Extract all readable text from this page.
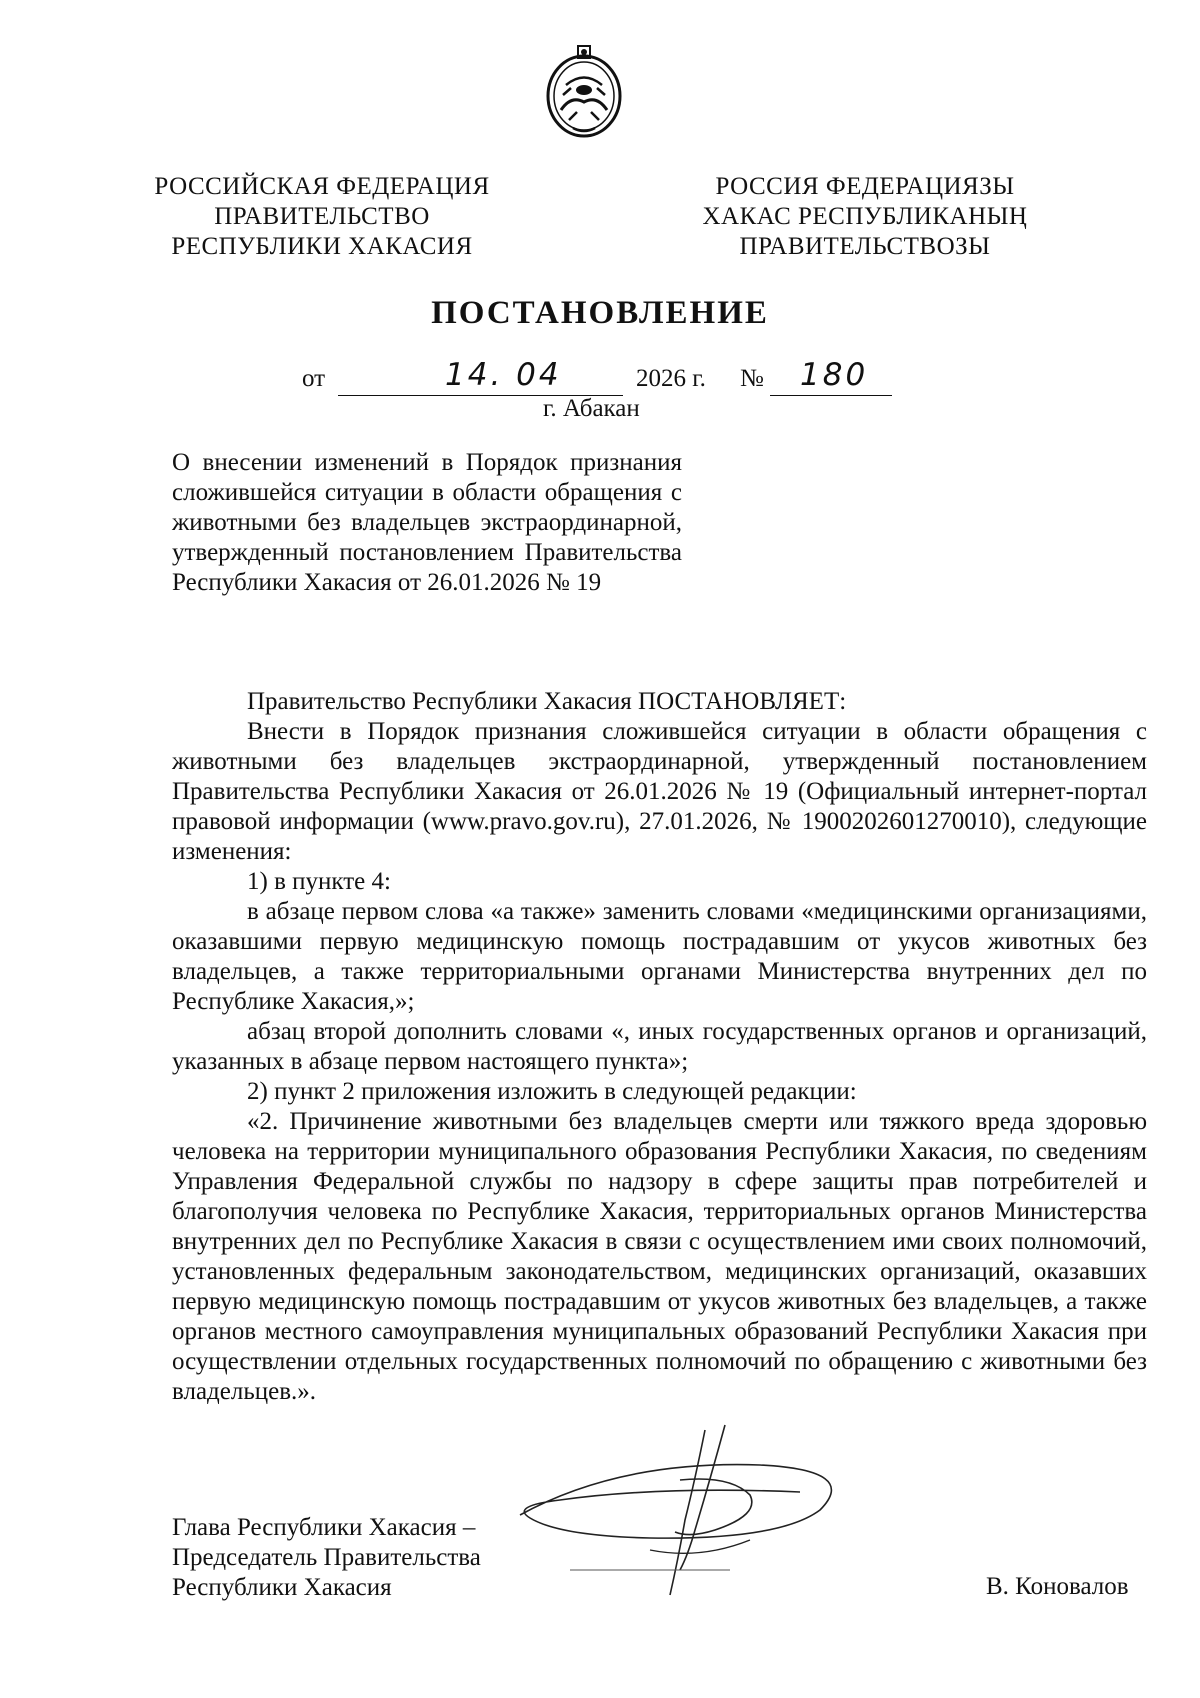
РОССИЙСКАЯ ФЕДЕРАЦИЯ
ПРАВИТЕЛЬСТВО
РЕСПУБЛИКИ ХАКАСИЯ
РОССИЯ ФЕДЕРАЦИЯЗЫ
ХАКАС РЕСПУБЛИКАНЫҢ
ПРАВИТЕЛЬСТВОЗЫ
ПОСТАНОВЛЕНИЕ
от	14. 04	2026 г. № 180
г. Абакан
О внесении изменений в Порядок признания сложившейся ситуации в области обращения с животными без владельцев экстраординарной, утвержденный постановлением Правительства Республики Хакасия от 26.01.2026 № 19

Правительство Республики Хакасия ПОСТАНОВЛЯЕТ:

Внести в Порядок признания сложившейся ситуации в области обращения с животными без владельцев экстраординарной, утвержденный постановлением Правительства Республики Хакасия от 26.01.2026 № 19 (Официальный интернет-портал правовой информации (www.pravo.gov.ru), 27.01.2026, № 1900202601270010), следующие изменения:

1) в пункте 4:

в абзаце первом слова «а также» заменить словами «медицинскими организациями, оказавшими первую медицинскую помощь пострадавшим от укусов животных без владельцев, а также территориальными органами Министерства внутренних дел по Республике Хакасия,»;

абзац второй дополнить словами «, иных государственных органов и организаций, указанных в абзаце первом настоящего пункта»;

2) пункт 2 приложения изложить в следующей редакции:

«2. Причинение животными без владельцев смерти или тяжкого вреда здоровью человека на территории муниципального образования Республики Хакасия, по сведениям Управления Федеральной службы по надзору в сфере защиты прав потребителей и благополучия человека по Республике Хакасия, территориальных органов Министерства внутренних дел по Республике Хакасия в связи с осуществлением ими своих полномочий, установленных федеральным законодательством, медицинских организаций, оказавших первую медицинскую помощь пострадавшим от укусов животных без владельцев, а также органов местного самоуправления муниципальных образований Республики Хакасия при осуществлении отдельных государственных полномочий по обращению с животными без владельцев.».

Глава Республики Хакасия –
Председатель Правительства
Республики Хакасия	В. Коновалов
